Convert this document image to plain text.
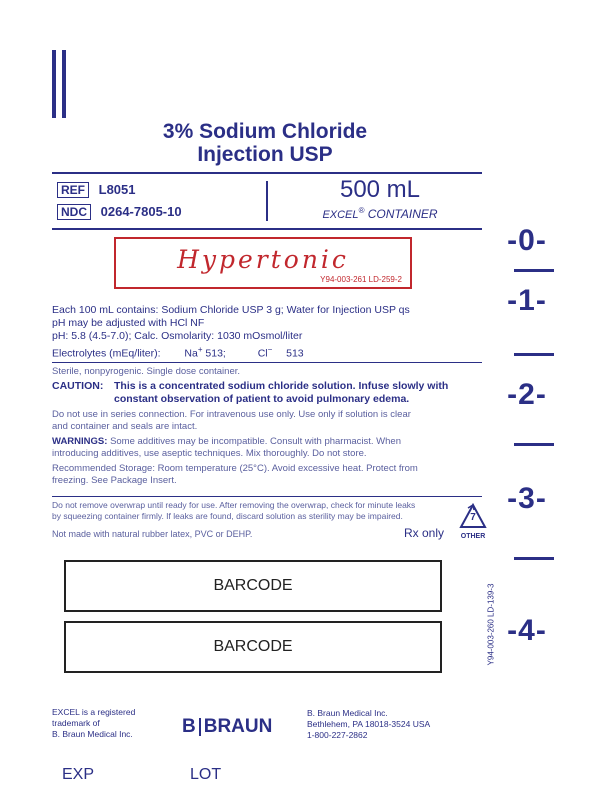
3% Sodium Chloride
Injection USP
REF L8051
NDC 0264-7805-10
500 mL
EXCEL® CONTAINER
Hypertonic
Y94-003-261 LD-259-2
Each 100 mL contains: Sodium Chloride USP 3 g; Water for Injection USP qs
pH may be adjusted with HCl NF
pH: 5.8 (4.5-7.0); Calc. Osmolarity: 1030 mOsmol/liter
Electrolytes (mEq/liter): Na+ 513;	Cl− 513
Sterile, nonpyrogenic. Single dose container.
CAUTION:	This is a concentrated sodium chloride solution. Infuse slowly with
constant observation of patient to avoid pulmonary edema.
Do not use in series connection. For intravenous use only. Use only if solution is clear
and container and seals are intact.
WARNINGS: Some additives may be incompatible. Consult with pharmacist. When
introducing additives, use aseptic techniques. Mix thoroughly. Do not store.
Recommended Storage: Room temperature (25°C). Avoid excessive heat. Protect from
freezing. See Package Insert.
Do not remove overwrap until ready for use. After removing the overwrap, check for minute leaks
by squeezing container firmly. If leaks are found, discard solution as sterility may be impaired.
Not made with natural rubber latex, PVC or DEHP.	Rx only
7
OTHER
BARCODE
BARCODE	Y94-003-260 LD-139-3
-0-
-1-
-2-
-3-
-4-
EXCEL is a registered
trademark of
B. Braun Medical Inc.	B BRAUN
B. Braun Medical Inc.
Bethlehem, PA 18018-3524 USA
1-800-227-2862
EXP	LOT
